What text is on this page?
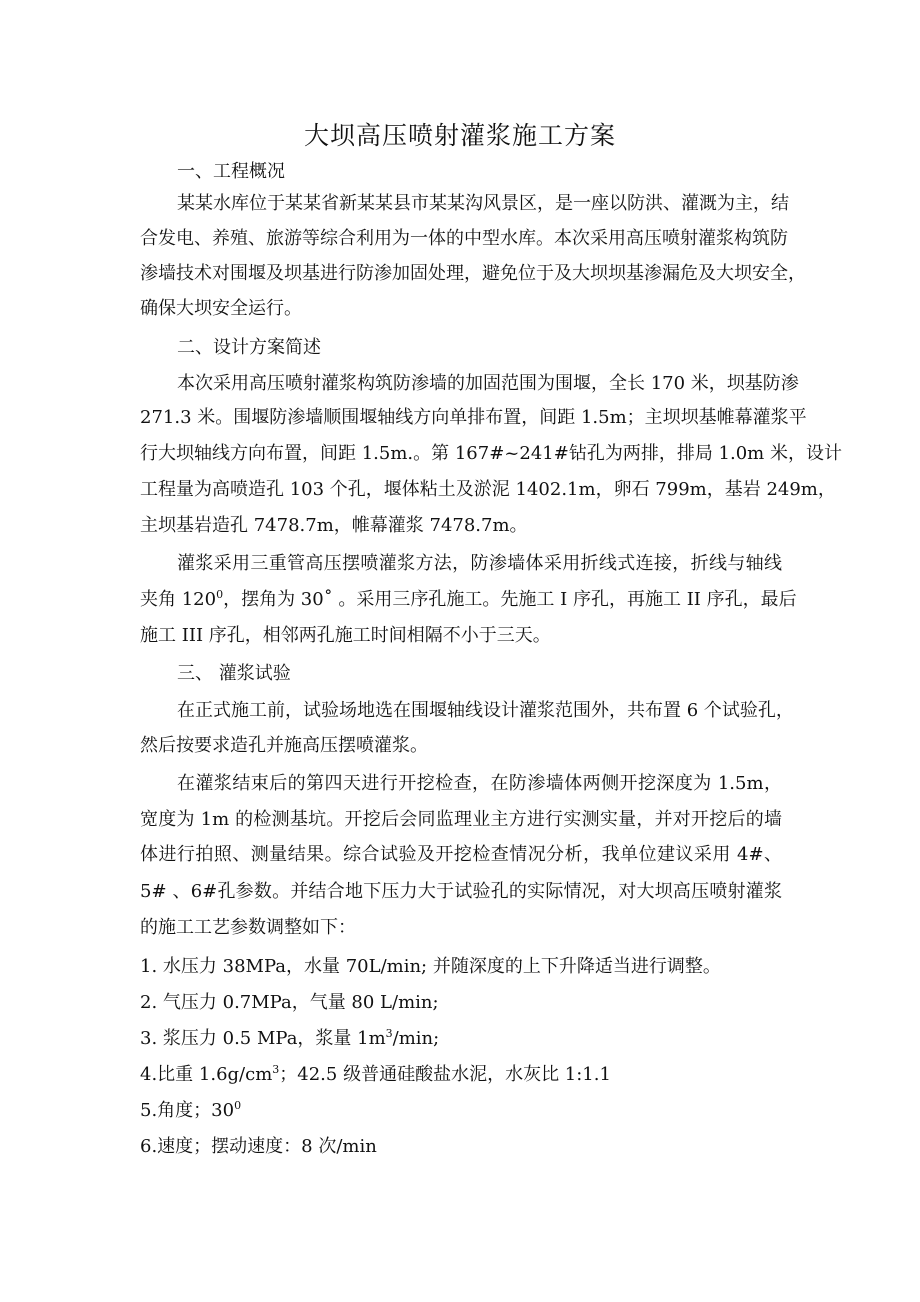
大坝高压喷射灌浆施工方案
一、工程概况
某某水库位于某某省新某某县市某某沟风景区，是一座以防洪、灌溉为主，结
合发电、养殖、旅游等综合利用为一体的中型水库。本次采用高压喷射灌浆构筑防
渗墙技术对围堰及坝基进行防渗加固处理，避免位于及大坝坝基渗漏危及大坝安全，
确保大坝安全运行。
二、设计方案简述
本次采用高压喷射灌浆构筑防渗墙的加固范围为围堰，全长 170 米，坝基防渗
271.3 米。围堰防渗墙顺围堰轴线方向单排布置，间距 1.5m；主坝坝基帷幕灌浆平
行大坝轴线方向布置，间距 1.5m.。第 167#~241#钻孔为两排，排局 1.0m 米，设计
工程量为高喷造孔 103 个孔，堰体粘土及淤泥 1402.1m，卵石 799m，基岩 249m，
主坝基岩造孔 7478.7m，帷幕灌浆 7478.7m。
灌浆采用三重管高压摆喷灌浆方法，防渗墙体采用折线式连接，折线与轴线
夹角 $120^0$，摆角为 30˚ 。采用三序孔施工。先施工 I 序孔，再施工 II 序孔，最后
施工 III 序孔，相邻两孔施工时间相隔不小于三天。
三、 灌浆试验
在正式施工前，试验场地选在围堰轴线设计灌浆范围外，共布置 6 个试验孔，
然后按要求造孔并施高压摆喷灌浆。
在灌浆结束后的第四天进行开挖检查，在防渗墙体两侧开挖深度为 1.5m，
宽度为 1m 的检测基坑。开挖后会同监理业主方进行实测实量，并对开挖后的墙
体进行拍照、测量结果。综合试验及开挖检查情况分析，我单位建议采用 4#、
5# 、6#孔参数。并结合地下压力大于试验孔的实际情况，对大坝高压喷射灌浆
的施工工艺参数调整如下：
1. 水压力 38MPa，水量 70L/min; 并随深度的上下升降适当进行调整。
2. 气压力 0.7MPa，气量 80 L/min;
3. 浆压力 0.5 MPa，浆量 $1m^3/\min$;
4.比重 $1.6g/cm^3$；42.5 级普通硅酸盐水泥，水灰比 1:1.1
5.角度；$30^0$
6.速度；摆动速度：8 次/min
